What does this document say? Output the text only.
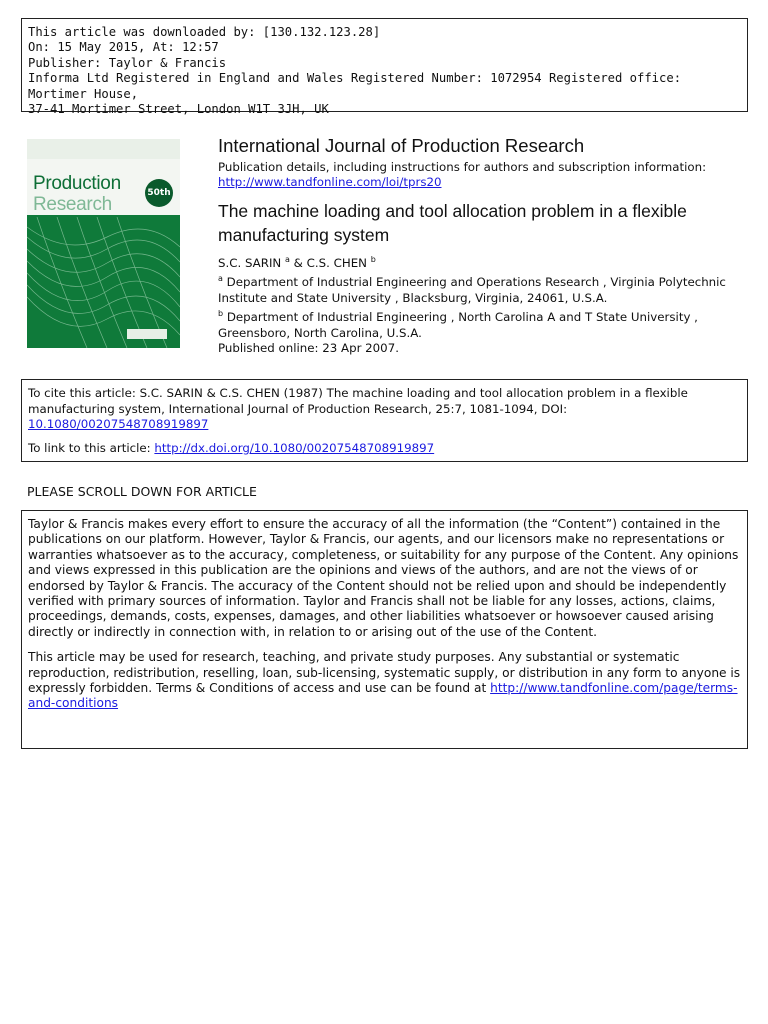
This article was downloaded by: [130.132.123.28]
On: 15 May 2015, At: 12:57
Publisher: Taylor & Francis
Informa Ltd Registered in England and Wales Registered Number: 1072954 Registered office: Mortimer House,
37-41 Mortimer Street, London W1T 3JH, UK
Production
Research
50th
International Journal of Production Research
Publication details, including instructions for authors and subscription information:
http://www.tandfonline.com/loi/tprs20
The machine loading and tool allocation problem in a flexible manufacturing system
S.C. SARIN $^a$ & C.S. CHEN $^b$
$^a$ Department of Industrial Engineering and Operations Research , Virginia Polytechnic Institute and State University , Blacksburg, Virginia, 24061, U.S.A.
$^b$ Department of Industrial Engineering , North Carolina A and T State University , Greensboro, North Carolina, U.S.A.
Published online: 23 Apr 2007.
To cite this article: S.C. SARIN & C.S. CHEN (1987) The machine loading and tool allocation problem in a flexible manufacturing system, International Journal of Production Research, 25:7, 1081-1094, DOI: 10.1080/00207548708919897
To link to this article: http://dx.doi.org/10.1080/00207548708919897
PLEASE SCROLL DOWN FOR ARTICLE

Taylor & Francis makes every effort to ensure the accuracy of all the information (the “Content”) contained in the publications on our platform. However, Taylor & Francis, our agents, and our licensors make no representations or warranties whatsoever as to the accuracy, completeness, or suitability for any purpose of the Content. Any opinions and views expressed in this publication are the opinions and views of the authors, and are not the views of or endorsed by Taylor & Francis. The accuracy of the Content should not be relied upon and should be independently verified with primary sources of information. Taylor and Francis shall not be liable for any losses, actions, claims, proceedings, demands, costs, expenses, damages, and other liabilities whatsoever or howsoever caused arising directly or indirectly in connection with, in relation to or arising out of the use of the Content.

This article may be used for research, teaching, and private study purposes. Any substantial or systematic reproduction, redistribution, reselling, loan, sub-licensing, systematic supply, or distribution in any form to anyone is expressly forbidden. Terms & Conditions of access and use can be found at http://www.tandfonline.com/page/terms-and-conditions
